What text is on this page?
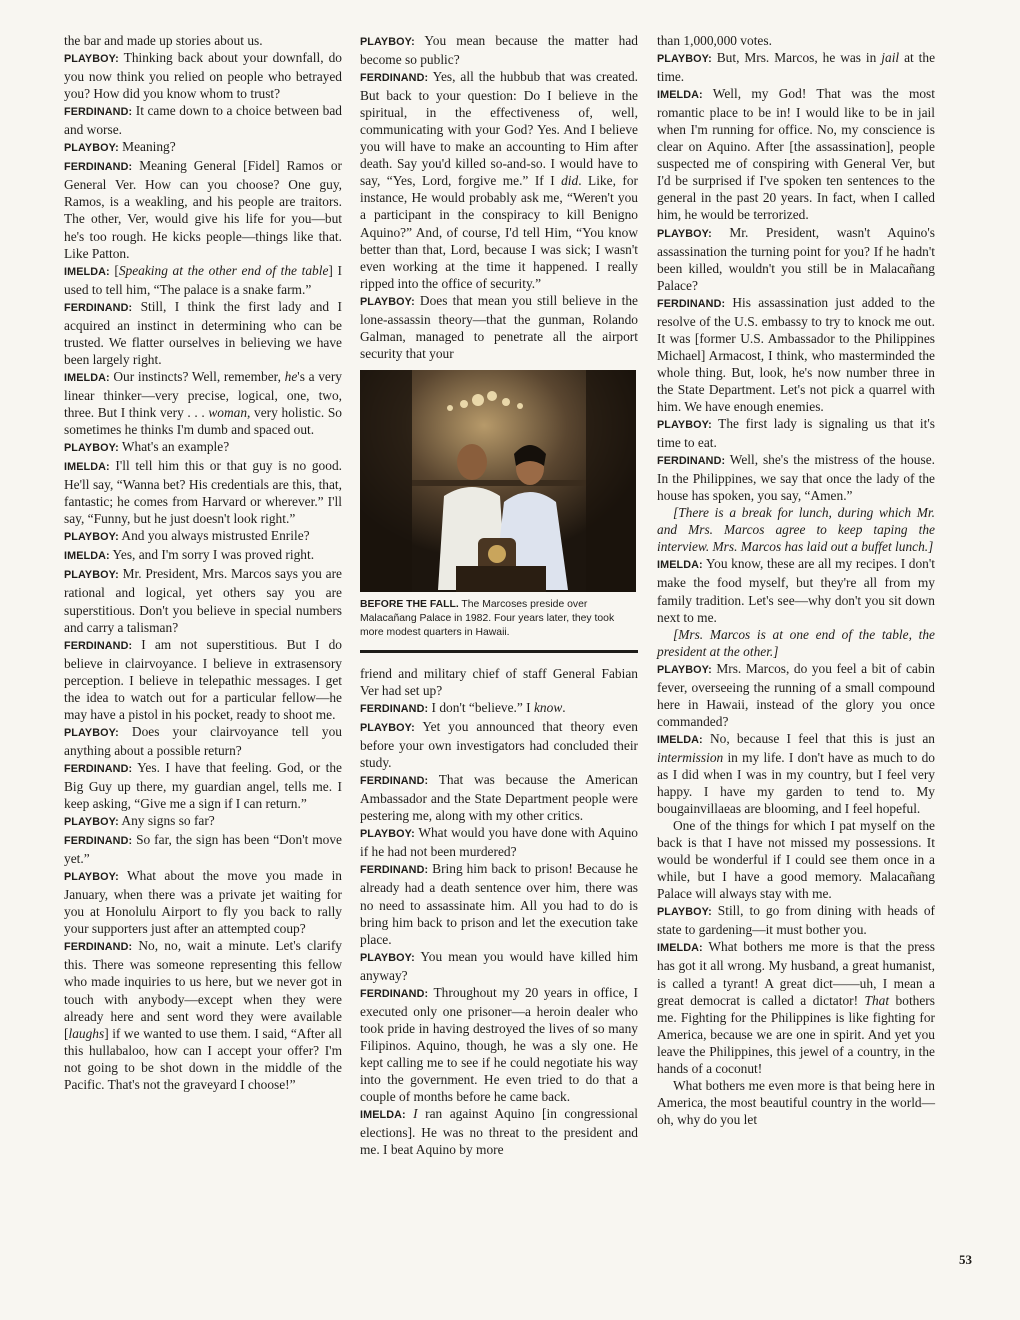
the bar and made up stories about us.

PLAYBOY: Thinking back about your downfall, do you now think you relied on people who betrayed you? How did you know whom to trust?

FERDINAND: It came down to a choice between bad and worse.

PLAYBOY: Meaning?

FERDINAND: Meaning General [Fidel] Ramos or General Ver. How can you choose? One guy, Ramos, is a weakling, and his people are traitors. The other, Ver, would give his life for you—but he's too rough. He kicks people—things like that. Like Patton.

IMELDA: [Speaking at the other end of the table] I used to tell him, “The palace is a snake farm.”

FERDINAND: Still, I think the first lady and I acquired an instinct in determining who can be trusted. We flatter ourselves in believing we have been largely right.

IMELDA: Our instincts? Well, remember, he's a very linear thinker—very precise, logical, one, two, three. But I think very . . . woman, very holistic. So sometimes he thinks I'm dumb and spaced out.

PLAYBOY: What's an example?

IMELDA: I'll tell him this or that guy is no good. He'll say, “Wanna bet? His credentials are this, that, fantastic; he comes from Harvard or wherever.” I'll say, “Funny, but he just doesn't look right.”

PLAYBOY: And you always mistrusted Enrile?

IMELDA: Yes, and I'm sorry I was proved right.

PLAYBOY: Mr. President, Mrs. Marcos says you are rational and logical, yet others say you are superstitious. Don't you believe in special numbers and carry a talisman?

FERDINAND: I am not superstitious. But I do believe in clairvoyance. I believe in extrasensory perception. I believe in telepathic messages. I get the idea to watch out for a particular fellow—he may have a pistol in his pocket, ready to shoot me.

PLAYBOY: Does your clairvoyance tell you anything about a possible return?

FERDINAND: Yes. I have that feeling. God, or the Big Guy up there, my guardian angel, tells me. I keep asking, “Give me a sign if I can return.”

PLAYBOY: Any signs so far?

FERDINAND: So far, the sign has been “Don't move yet.”

PLAYBOY: What about the move you made in January, when there was a private jet waiting for you at Honolulu Airport to fly you back to rally your supporters just after an attempted coup?

FERDINAND: No, no, wait a minute. Let's clarify this. There was someone representing this fellow who made inquiries to us here, but we never got in touch with anybody—except when they were already here and sent word they were available [laughs] if we wanted to use them. I said, “After all this hullabaloo, how can I accept your offer? I'm not going to be shot down in the middle of the Pacific. That's not the graveyard I choose!”

PLAYBOY: You mean because the matter had become so public?

FERDINAND: Yes, all the hubbub that was created. But back to your question: Do I believe in the spiritual, in the effectiveness of, well, communicating with your God? Yes. And I believe you will have to make an accounting to Him after death. Say you'd killed so-and-so. I would have to say, “Yes, Lord, forgive me.” If I did. Like, for instance, He would probably ask me, “Weren't you a participant in the conspiracy to kill Benigno Aquino?” And, of course, I'd tell Him, “You know better than that, Lord, because I was sick; I wasn't even working at the time it happened. I really ripped into the office of security.”

PLAYBOY: Does that mean you still believe in the lone-assassin theory—that the gunman, Rolando Galman, managed to penetrate all the airport security that your

BEFORE THE FALL. The Marcoses preside over Malacañang Palace in 1982. Four years later, they took more modest quarters in Hawaii.

friend and military chief of staff General Fabian Ver had set up?

FERDINAND: I don't “believe.” I know.

PLAYBOY: Yet you announced that theory even before your own investigators had concluded their study.

FERDINAND: That was because the American Ambassador and the State Department people were pestering me, along with my other critics.

PLAYBOY: What would you have done with Aquino if he had not been murdered?

FERDINAND: Bring him back to prison! Because he already had a death sentence over him, there was no need to assassinate him. All you had to do is bring him back to prison and let the execution take place.

PLAYBOY: You mean you would have killed him anyway?

FERDINAND: Throughout my 20 years in office, I executed only one prisoner—a heroin dealer who took pride in having destroyed the lives of so many Filipinos. Aquino, though, he was a sly one. He kept calling me to see if he could negotiate his way into the government. He even tried to do that a couple of months before he came back.

IMELDA: I ran against Aquino [in congressional elections]. He was no threat to the president and me. I beat Aquino by more

than 1,000,000 votes.

PLAYBOY: But, Mrs. Marcos, he was in jail at the time.

IMELDA: Well, my God! That was the most romantic place to be in! I would like to be in jail when I'm running for office. No, my conscience is clear on Aquino. After [the assassination], people suspected me of conspiring with General Ver, but I'd be surprised if I've spoken ten sentences to the general in the past 20 years. In fact, when I called him, he would be terrorized.

PLAYBOY: Mr. President, wasn't Aquino's assassination the turning point for you? If he hadn't been killed, wouldn't you still be in Malacañang Palace?

FERDINAND: His assassination just added to the resolve of the U.S. embassy to try to knock me out. It was [former U.S. Ambassador to the Philippines Michael] Armacost, I think, who masterminded the whole thing. But, look, he's now number three in the State Department. Let's not pick a quarrel with him. We have enough enemies.

PLAYBOY: The first lady is signaling us that it's time to eat.

FERDINAND: Well, she's the mistress of the house. In the Philippines, we say that once the lady of the house has spoken, you say, “Amen.”

[There is a break for lunch, during which Mr. and Mrs. Marcos agree to keep taping the interview. Mrs. Marcos has laid out a buffet lunch.]

IMELDA: You know, these are all my recipes. I don't make the food myself, but they're all from my family tradition. Let's see—why don't you sit down next to me.

[Mrs. Marcos is at one end of the table, the president at the other.]

PLAYBOY: Mrs. Marcos, do you feel a bit of cabin fever, overseeing the running of a small compound here in Hawaii, instead of the glory you once commanded?

IMELDA: No, because I feel that this is just an intermission in my life. I don't have as much to do as I did when I was in my country, but I feel very happy. I have my garden to tend to. My bougainvillaeas are blooming, and I feel hopeful.

One of the things for which I pat myself on the back is that I have not missed my possessions. It would be wonderful if I could see them once in a while, but I have a good memory. Malacañang Palace will always stay with me.

PLAYBOY: Still, to go from dining with heads of state to gardening—it must bother you.

IMELDA: What bothers me more is that the press has got it all wrong. My husband, a great humanist, is called a tyrant! A great dict——uh, I mean a great democrat is called a dictator! That bothers me. Fighting for the Philippines is like fighting for America, because we are one in spirit. And yet you leave the Philippines, this jewel of a country, in the hands of a coconut!

What bothers me even more is that being here in America, the most beautiful country in the world—oh, why do you let

53
